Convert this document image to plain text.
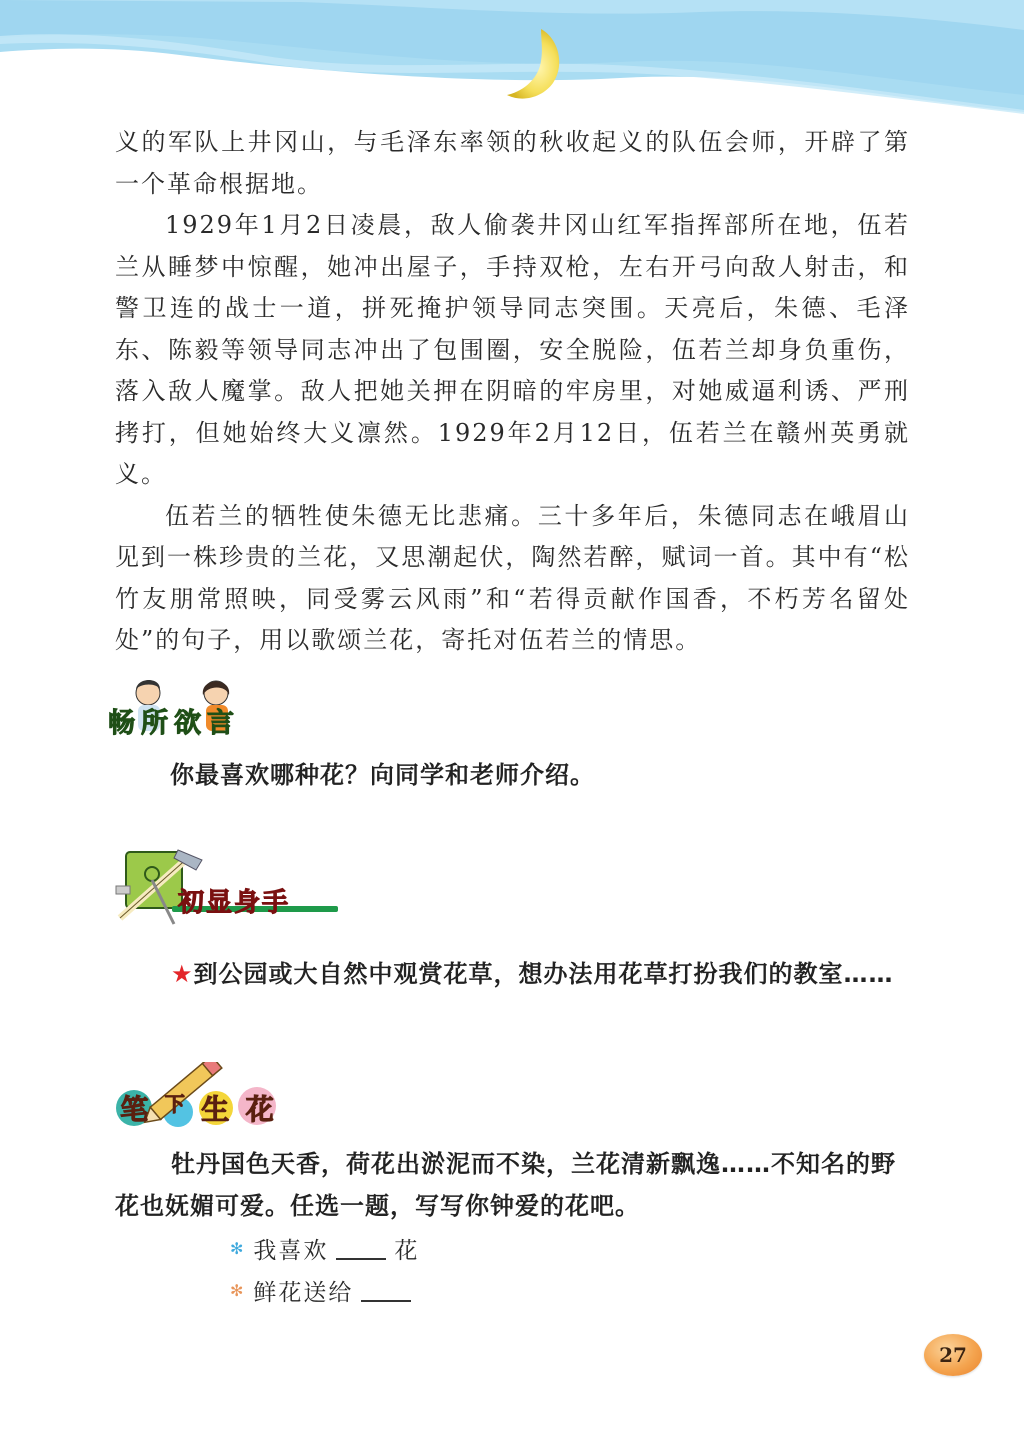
义的军队上井冈山，与毛泽东率领的秋收起义的队伍会师，开辟了第一个革命根据地。

1929年1月2日凌晨，敌人偷袭井冈山红军指挥部所在地，伍若兰从睡梦中惊醒，她冲出屋子，手持双枪，左右开弓向敌人射击，和警卫连的战士一道，拼死掩护领导同志突围。天亮后，朱德、毛泽东、陈毅等领导同志冲出了包围圈，安全脱险，伍若兰却身负重伤，落入敌人魔掌。敌人把她关押在阴暗的牢房里，对她威逼利诱、严刑拷打，但她始终大义凛然。1929年2月12日，伍若兰在赣州英勇就义。

伍若兰的牺牲使朱德无比悲痛。三十多年后，朱德同志在峨眉山见到一株珍贵的兰花，又思潮起伏，陶然若醉，赋词一首。其中有“松竹友朋常照映，同受雾云风雨”和“若得贡献作国香，不朽芳名留处处”的句子，用以歌颂兰花，寄托对伍若兰的情思。

畅所欲言

你最喜欢哪种花？向同学和老师介绍。

初显身手

★到公园或大自然中观赏花草，想办法用花草打扮我们的教室……

笔 下 生 花

牡丹国色天香，荷花出淤泥而不染，兰花清新飘逸……不知名的野花也妩媚可爱。任选一题，写写你钟爱的花吧。

✻ 我喜欢	花
✻ 鲜花送给
27
